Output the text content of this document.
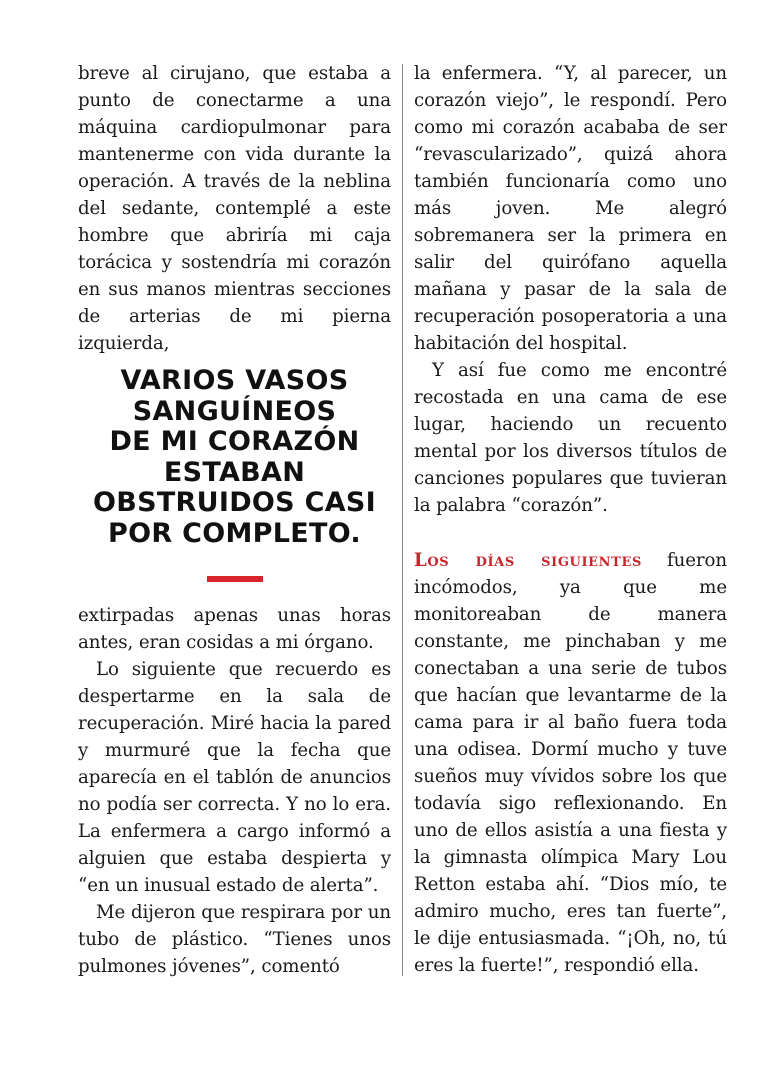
breve al cirujano, que estaba a punto de conectarme a una máquina cardiopulmonar para mantenerme con vida durante la operación. A través de la neblina del sedante, contemplé a este hombre que abriría mi caja torácica y sostendría mi corazón en sus manos mientras secciones de arterias de mi pierna izquierda,

VARIOS VASOS
SANGUÍNEOS
DE MI CORAZÓN
ESTABAN
OBSTRUIDOS CASI
POR COMPLETO.

extirpadas apenas unas horas antes, eran cosidas a mi órgano.

Lo siguiente que recuerdo es despertarme en la sala de recuperación. Miré hacia la pared y murmuré que la fecha que aparecía en el tablón de anuncios no podía ser correcta. Y no lo era. La enfermera a cargo informó a alguien que estaba despierta y “en un inusual estado de alerta”.

Me dijeron que respirara por un tubo de plástico. “Tienes unos pulmones jóvenes”, comentó

la enfermera. “Y, al parecer, un corazón viejo”, le respondí. Pero como mi corazón acababa de ser “revascularizado”, quizá ahora también funcionaría como uno más joven. Me alegró sobremanera ser la primera en salir del quirófano aquella mañana y pasar de la sala de recuperación posoperatoria a una habitación del hospital.

Y así fue como me encontré recostada en una cama de ese lugar, haciendo un recuento mental por los diversos títulos de canciones populares que tuvieran la palabra “corazón”.

Los días siguientes fueron incómodos, ya que me monitoreaban de manera constante, me pinchaban y me conectaban a una serie de tubos que hacían que levantarme de la cama para ir al baño fuera toda una odisea. Dormí mucho y tuve sueños muy vívidos sobre los que todavía sigo reflexionando. En uno de ellos asistía a una fiesta y la gimnasta olímpica Mary Lou Retton estaba ahí. “Dios mío, te admiro mucho, eres tan fuerte”, le dije entusiasmada. “¡Oh, no, tú eres la fuerte!”, respondió ella.
